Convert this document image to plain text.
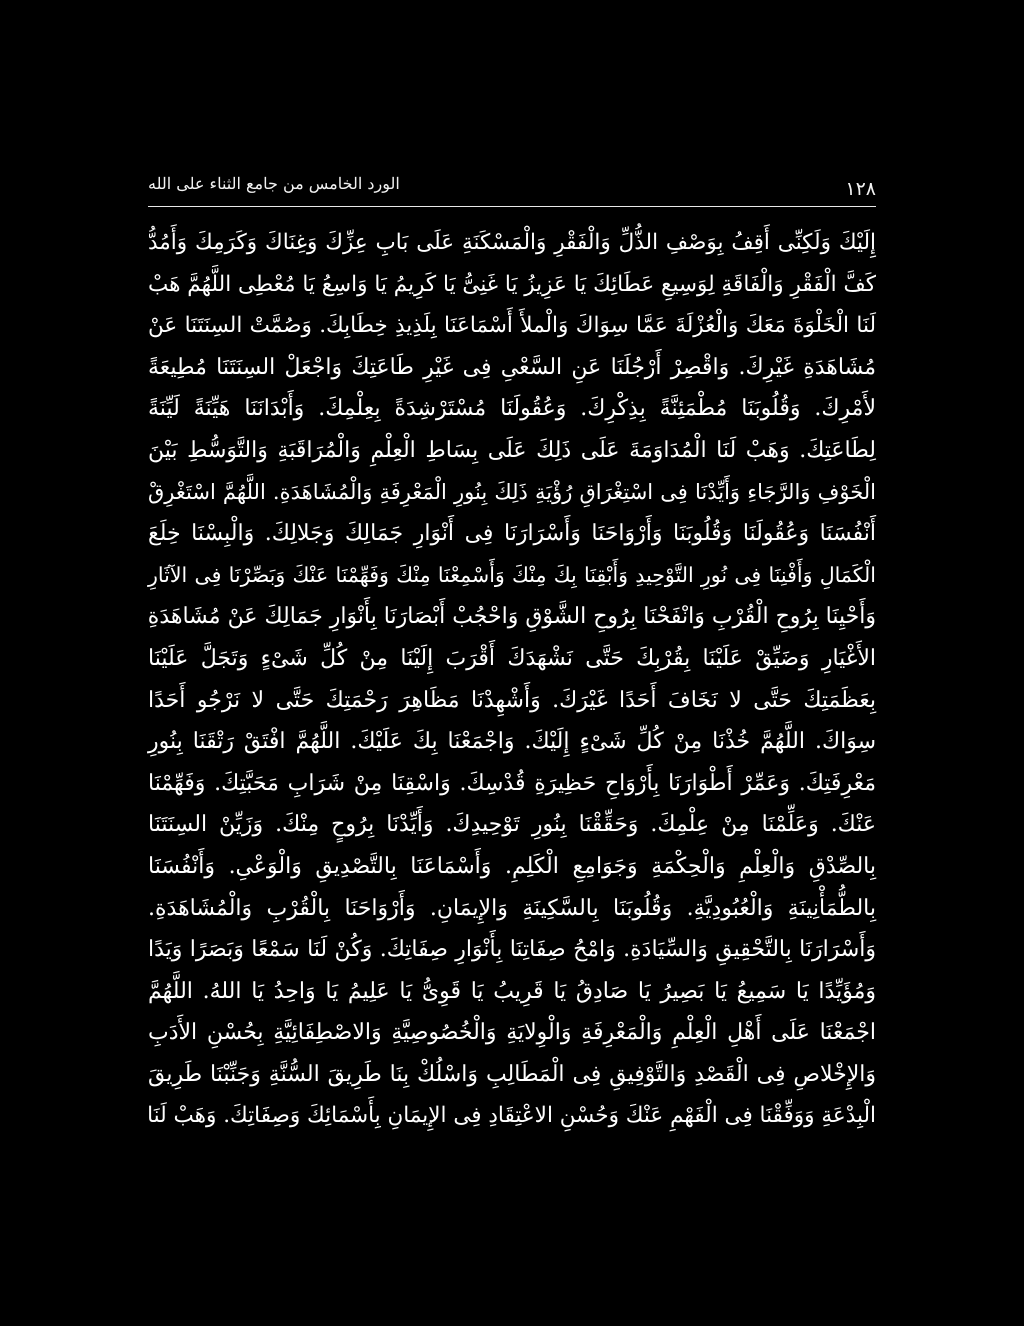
١٢٨
الورد الخامس من جامع الثناء على الله
إِلَيْكَ وَلَكِنِّى أَقِفُ بِوَصْفِ الذُّلِّ وَالْفَقْرِ وَالْمَسْكَنَةِ عَلَى بَابِ عِزِّكَ وَغِنَاكَ وَكَرَمِكَ وَأَمُدُّ
كَفَّ الْفَقْرِ وَالْفَاقَةِ لِوَسِيعِ عَطَائِكَ يَا عَزِيزُ يَا غَنِىُّ يَا كَرِيمُ يَا وَاسِعُ يَا مُعْطِى اللَّهُمَّ هَبْ
لَنَا الْخَلْوَةَ مَعَكَ وَالْعُزْلَةَ عَمَّا سِوَاكَ وَالْملأَ أَسْمَاعَنَا بِلَذِيذِ خِطَابِكَ. وَصُمَّتْ السِنَتَنَا عَنْ
مُشَاهَدَةِ غَيْرِكَ. وَاقْصِرْ أَرْجُلَنَا عَنِ السَّعْىِ فِى غَيْرِ طَاعَتِكَ وَاجْعَلْ السِنَتَنَا مُطِيعَةً
لأَمْرِكَ. وَقُلُوبَنَا مُطْمَئِنَّةً بِذِكْرِكَ. وَعُقُولَنَا مُسْتَرْشِدَةً بِعِلْمِكَ. وَأَبْدَانَنَا هَيِّنَةً لَيِّنَةً
لِطَاعَتِكَ. وَهَبْ لَنَا الْمُدَاوَمَةَ عَلَى ذَلِكَ عَلَى بِسَاطِ الْعِلْمِ وَالْمُرَاقَبَةِ وَالتَّوَسُّطِ بَيْنَ
الْخَوْفِ وَالرَّجَاءِ وَأَيِّدْنَا فِى اسْتِغْرَاقِ رُؤْيَةِ ذَلِكَ بِنُورِ الْمَعْرِفَةِ وَالْمُشَاهَدَةِ. اللَّهُمَّ اسْتَغْرِقْ
أَنْفُسَنَا وَعُقُولَنَا وَقُلُوبَنَا وَأَرْوَاحَنَا وَأَسْرَارَنَا فِى أَنْوَارِ جَمَالِكَ وَجَلالِكَ. وَالْبِسْنَا خِلَعَ
الْكَمَالِ وَأَفْنِنَا فِى نُورِ التَّوْحِيدِ وَأَبْقِنَا بِكَ مِنْكَ وَأَسْمِعْنَا مِنْكَ وَفَهِّمْنَا عَنْكَ وَبَصِّرْنَا فِى الآثَارِ
وَأَحْيِنَا بِرُوحِ الْقُرْبِ وَانْفَحْنَا بِرُوحِ الشَّوْقِ وَاحْجُبْ أَبْصَارَنَا بِأَنْوَارِ جَمَالِكَ عَنْ مُشَاهَدَةِ
الأَغْيَارِ وَضَيِّقْ عَلَيْنَا بِقُرْبِكَ حَتَّى نَشْهَدَكَ أَقْرَبَ إِلَيْنَا مِنْ كُلِّ شَىْءٍ وَتَجَلَّ عَلَيْنَا
بِعَظَمَتِكَ حَتَّى لا نَخَافَ أَحَدًا غَيْرَكَ. وَأَشْهِدْنَا مَظَاهِرَ رَحْمَتِكَ حَتَّى لا نَرْجُو أَحَدًا
سِوَاكَ. اللَّهُمَّ خُذْنَا مِنْ كُلِّ شَىْءٍ إِلَيْكَ. وَاجْمَعْنَا بِكَ عَلَيْكَ. اللَّهُمَّ افْتَقْ رَتْقَنَا بِنُورِ
مَعْرِفَتِكَ. وَعَمِّرْ أَطْوَارَنَا بِأَرْوَاحِ حَظِيرَةِ قُدْسِكَ. وَاسْقِنَا مِنْ شَرَابِ مَحَبَّتِكَ. وَفَهِّمْنَا
عَنْكَ. وَعَلِّمْنَا مِنْ عِلْمِكَ. وَحَقِّقْنَا بِنُورِ تَوْحِيدِكَ. وَأَيِّدْنَا بِرُوحٍ مِنْكَ. وَزَيِّنْ السِنَتَنَا
بِالصِّدْقِ وَالْعِلْمِ وَالْحِكْمَةِ وَجَوَامِعِ الْكَلِمِ. وَأَسْمَاعَنَا بِالتَّصْدِيقِ وَالْوَعْىِ. وَأَنْفُسَنَا
بِالطُّمَأْنِينَةِ وَالْعُبُودِيَّةِ. وَقُلُوبَنَا بِالسَّكِينَةِ وَالإِيمَانِ. وَأَرْوَاحَنَا بِالْقُرْبِ وَالْمُشَاهَدَةِ.
وَأَسْرَارَنَا بِالتَّحْقِيقِ وَالسِّيَادَةِ. وَامْحُ صِفَاتِنَا بِأَنْوَارِ صِفَاتِكَ. وَكُنْ لَنَا سَمْعًا وَبَصَرًا وَيَدًا
وَمُؤَيِّدًا يَا سَمِيعُ يَا بَصِيرُ يَا صَادِقُ يَا قَرِيبُ يَا قَوِىُّ يَا عَلِيمُ يَا وَاحِدُ يَا اللهُ. اللَّهُمَّ
اجْمَعْنَا عَلَى أَهْلِ الْعِلْمِ وَالْمَعْرِفَةِ وَالْوِلايَةِ وَالْخُصُوصِيَّةِ وَالاصْطِفَائِيَّةِ بِحُسْنِ الأَدَبِ
وَالإِخْلاصِ فِى الْقَصْدِ وَالتَّوْفِيقِ فِى الْمَطَالِبِ وَاسْلُكْ بِنَا طَرِيقَ السُّنَّةِ وَجَنِّبْنَا طَرِيقَ
الْبِدْعَةِ وَوَفِّقْنَا فِى الْفَهْمِ عَنْكَ وَحُسْنِ الاعْتِقَادِ فِى الإِيمَانِ بِأَسْمَائِكَ وَصِفَاتِكَ. وَهَبْ لَنَا
